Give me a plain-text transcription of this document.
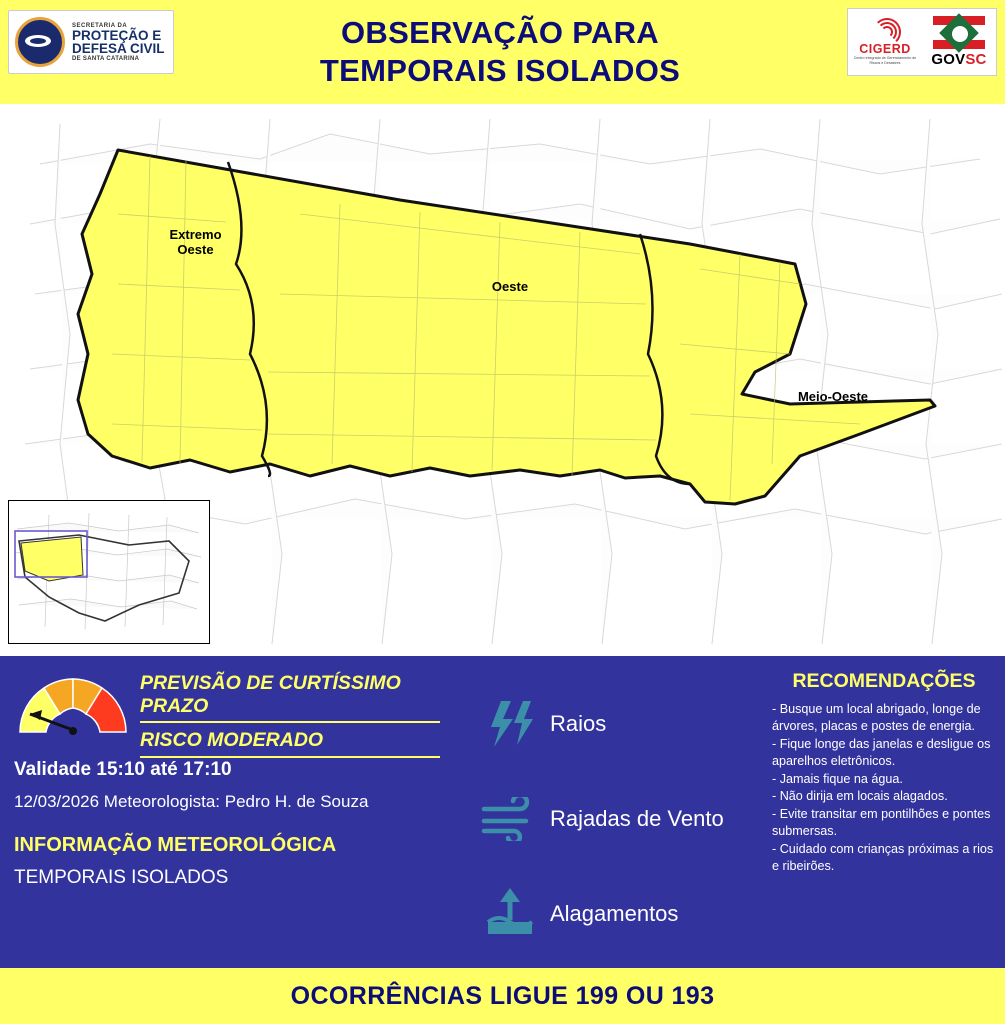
SECRETARIA DA
PROTEÇÃO E
DEFESA CIVIL
DE SANTA CATARINA
OBSERVAÇÃO PARA
TEMPORAIS ISOLADOS
CIGERD
Centro Integrado de Gerenciamento de Riscos e Desastres	GOVSC
Extremo
Oeste
Oeste
Meio-Oeste
PREVISÃO DE CURTÍSSIMO PRAZO
RISCO MODERADO
Validade 15:10 até 17:10
12/03/2026 Meteorologista: Pedro H. de Souza
INFORMAÇÃO METEOROLÓGICA
TEMPORAIS ISOLADOS
Raios
Rajadas de Vento
Alagamentos
RECOMENDAÇÕES
- Busque um local abrigado, longe de árvores, placas e postes de energia.
- Fique longe das janelas e desligue os aparelhos eletrônicos.
- Jamais fique na água.
- Não dirija em locais alagados.
- Evite transitar em pontilhões e pontes submersas.
- Cuidado com crianças próximas a rios e ribeirões.
OCORRÊNCIAS LIGUE 199 OU 193
